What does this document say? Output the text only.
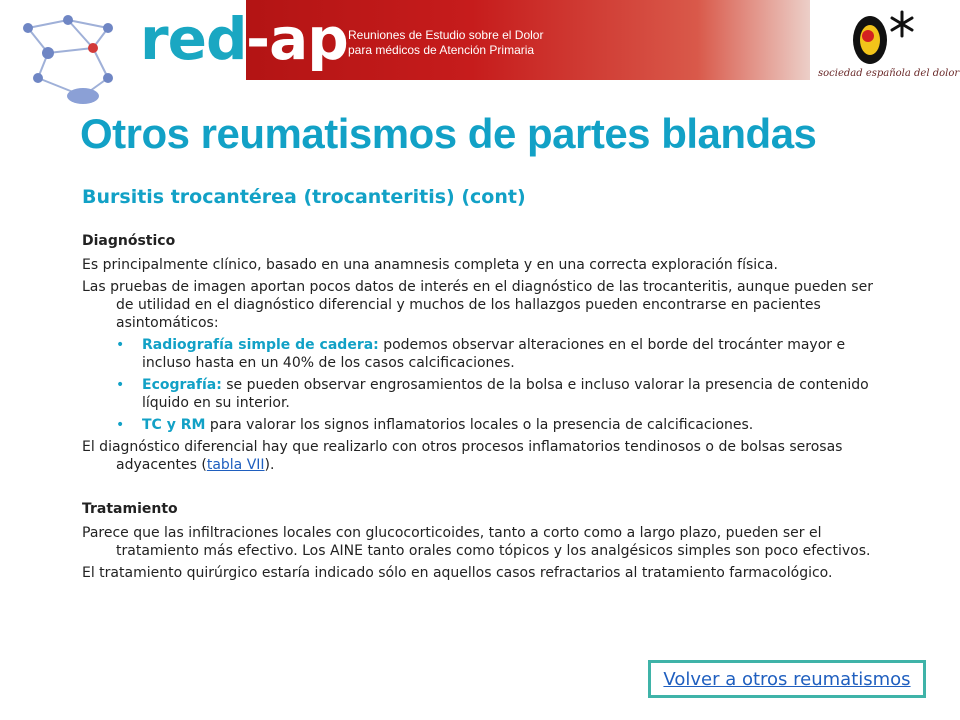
red -ap Reuniones de Estudio sobre el Dolor
para médicos de Atención Primaria
sociedad española del dolor
Otros reumatismos de partes blandas
Bursitis trocantérea (trocanteritis) (cont)

Diagnóstico

Es principalmente clínico, basado en una anamnesis completa y en una correcta exploración física.

Las pruebas de imagen aportan pocos datos de interés en el diagnóstico de las trocanteritis, aunque pueden ser de utilidad en el diagnóstico diferencial y muchos de los hallazgos pueden encontrarse en pacientes asintomáticos:

• Radiografía simple de cadera: podemos observar alteraciones en el borde del trocánter mayor e incluso hasta en un 40% de los casos calcificaciones.
• Ecografía: se pueden observar engrosamientos de la bolsa e incluso valorar la presencia de contenido líquido en su interior.
• TC y RM para valorar los signos inflamatorios locales o la presencia de calcificaciones.

El diagnóstico diferencial hay que realizarlo con otros procesos inflamatorios tendinosos o de bolsas serosas adyacentes (tabla VII).

Tratamiento

Parece que las infiltraciones locales con glucocorticoides, tanto a corto como a largo plazo, pueden ser el tratamiento más efectivo. Los AINE tanto orales como tópicos y los analgésicos simples son poco efectivos.

El tratamiento quirúrgico estaría indicado sólo en aquellos casos refractarios al tratamiento farmacológico.

Volver a otros reumatismos
